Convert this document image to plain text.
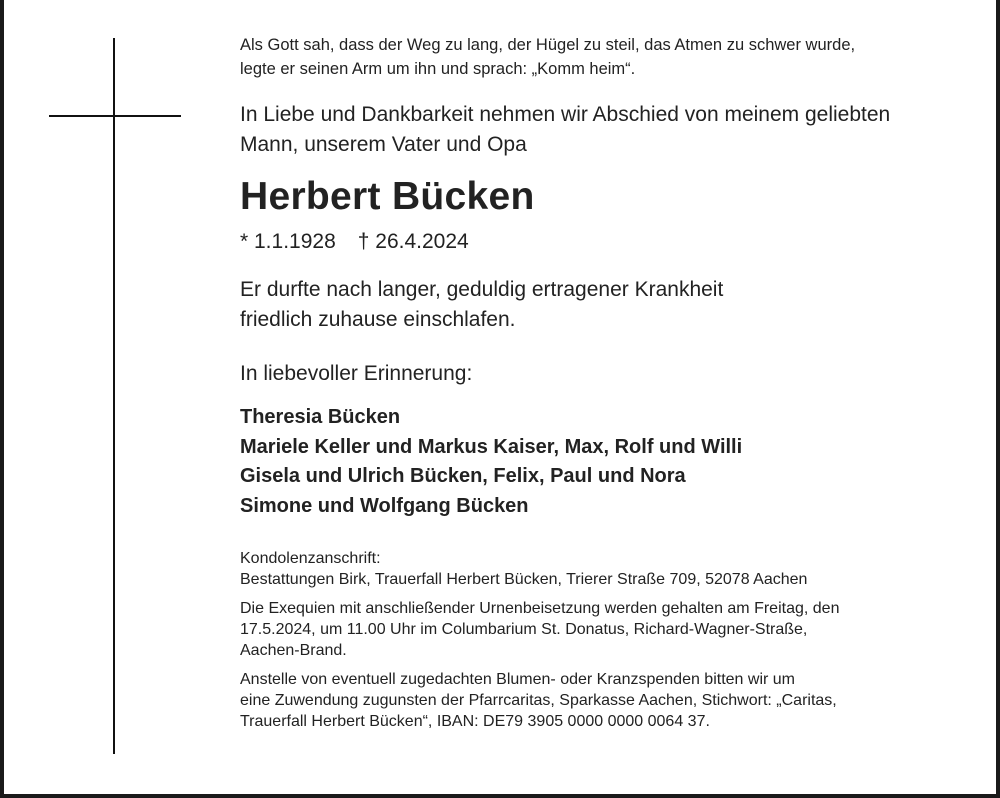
Als Gott sah, dass der Weg zu lang, der Hügel zu steil, das Atmen zu schwer wurde,
legte er seinen Arm um ihn und sprach: „Komm heim“.
In Liebe und Dankbarkeit nehmen wir Abschied von meinem geliebten
Mann, unserem Vater und Opa
Herbert Bücken
* 1.1.1928 † 26.4.2024
Er durfte nach langer, geduldig ertragener Krankheit
friedlich zuhause einschlafen.
In liebevoller Erinnerung:
Theresia Bücken
Mariele Keller und Markus Kaiser, Max, Rolf und Willi
Gisela und Ulrich Bücken, Felix, Paul und Nora
Simone und Wolfgang Bücken
Kondolenzanschrift:
Bestattungen Birk, Trauerfall Herbert Bücken, Trierer Straße 709, 52078 Aachen
Die Exequien mit anschließender Urnenbeisetzung werden gehalten am Freitag, den
17.5.2024, um 11.00 Uhr im Columbarium St. Donatus, Richard-Wagner-Straße,
Aachen-Brand.
Anstelle von eventuell zugedachten Blumen- oder Kranzspenden bitten wir um
eine Zuwendung zugunsten der Pfarrcaritas, Sparkasse Aachen, Stichwort: „Caritas,
Trauerfall Herbert Bücken“, IBAN: DE79 3905 0000 0000 0064 37.
